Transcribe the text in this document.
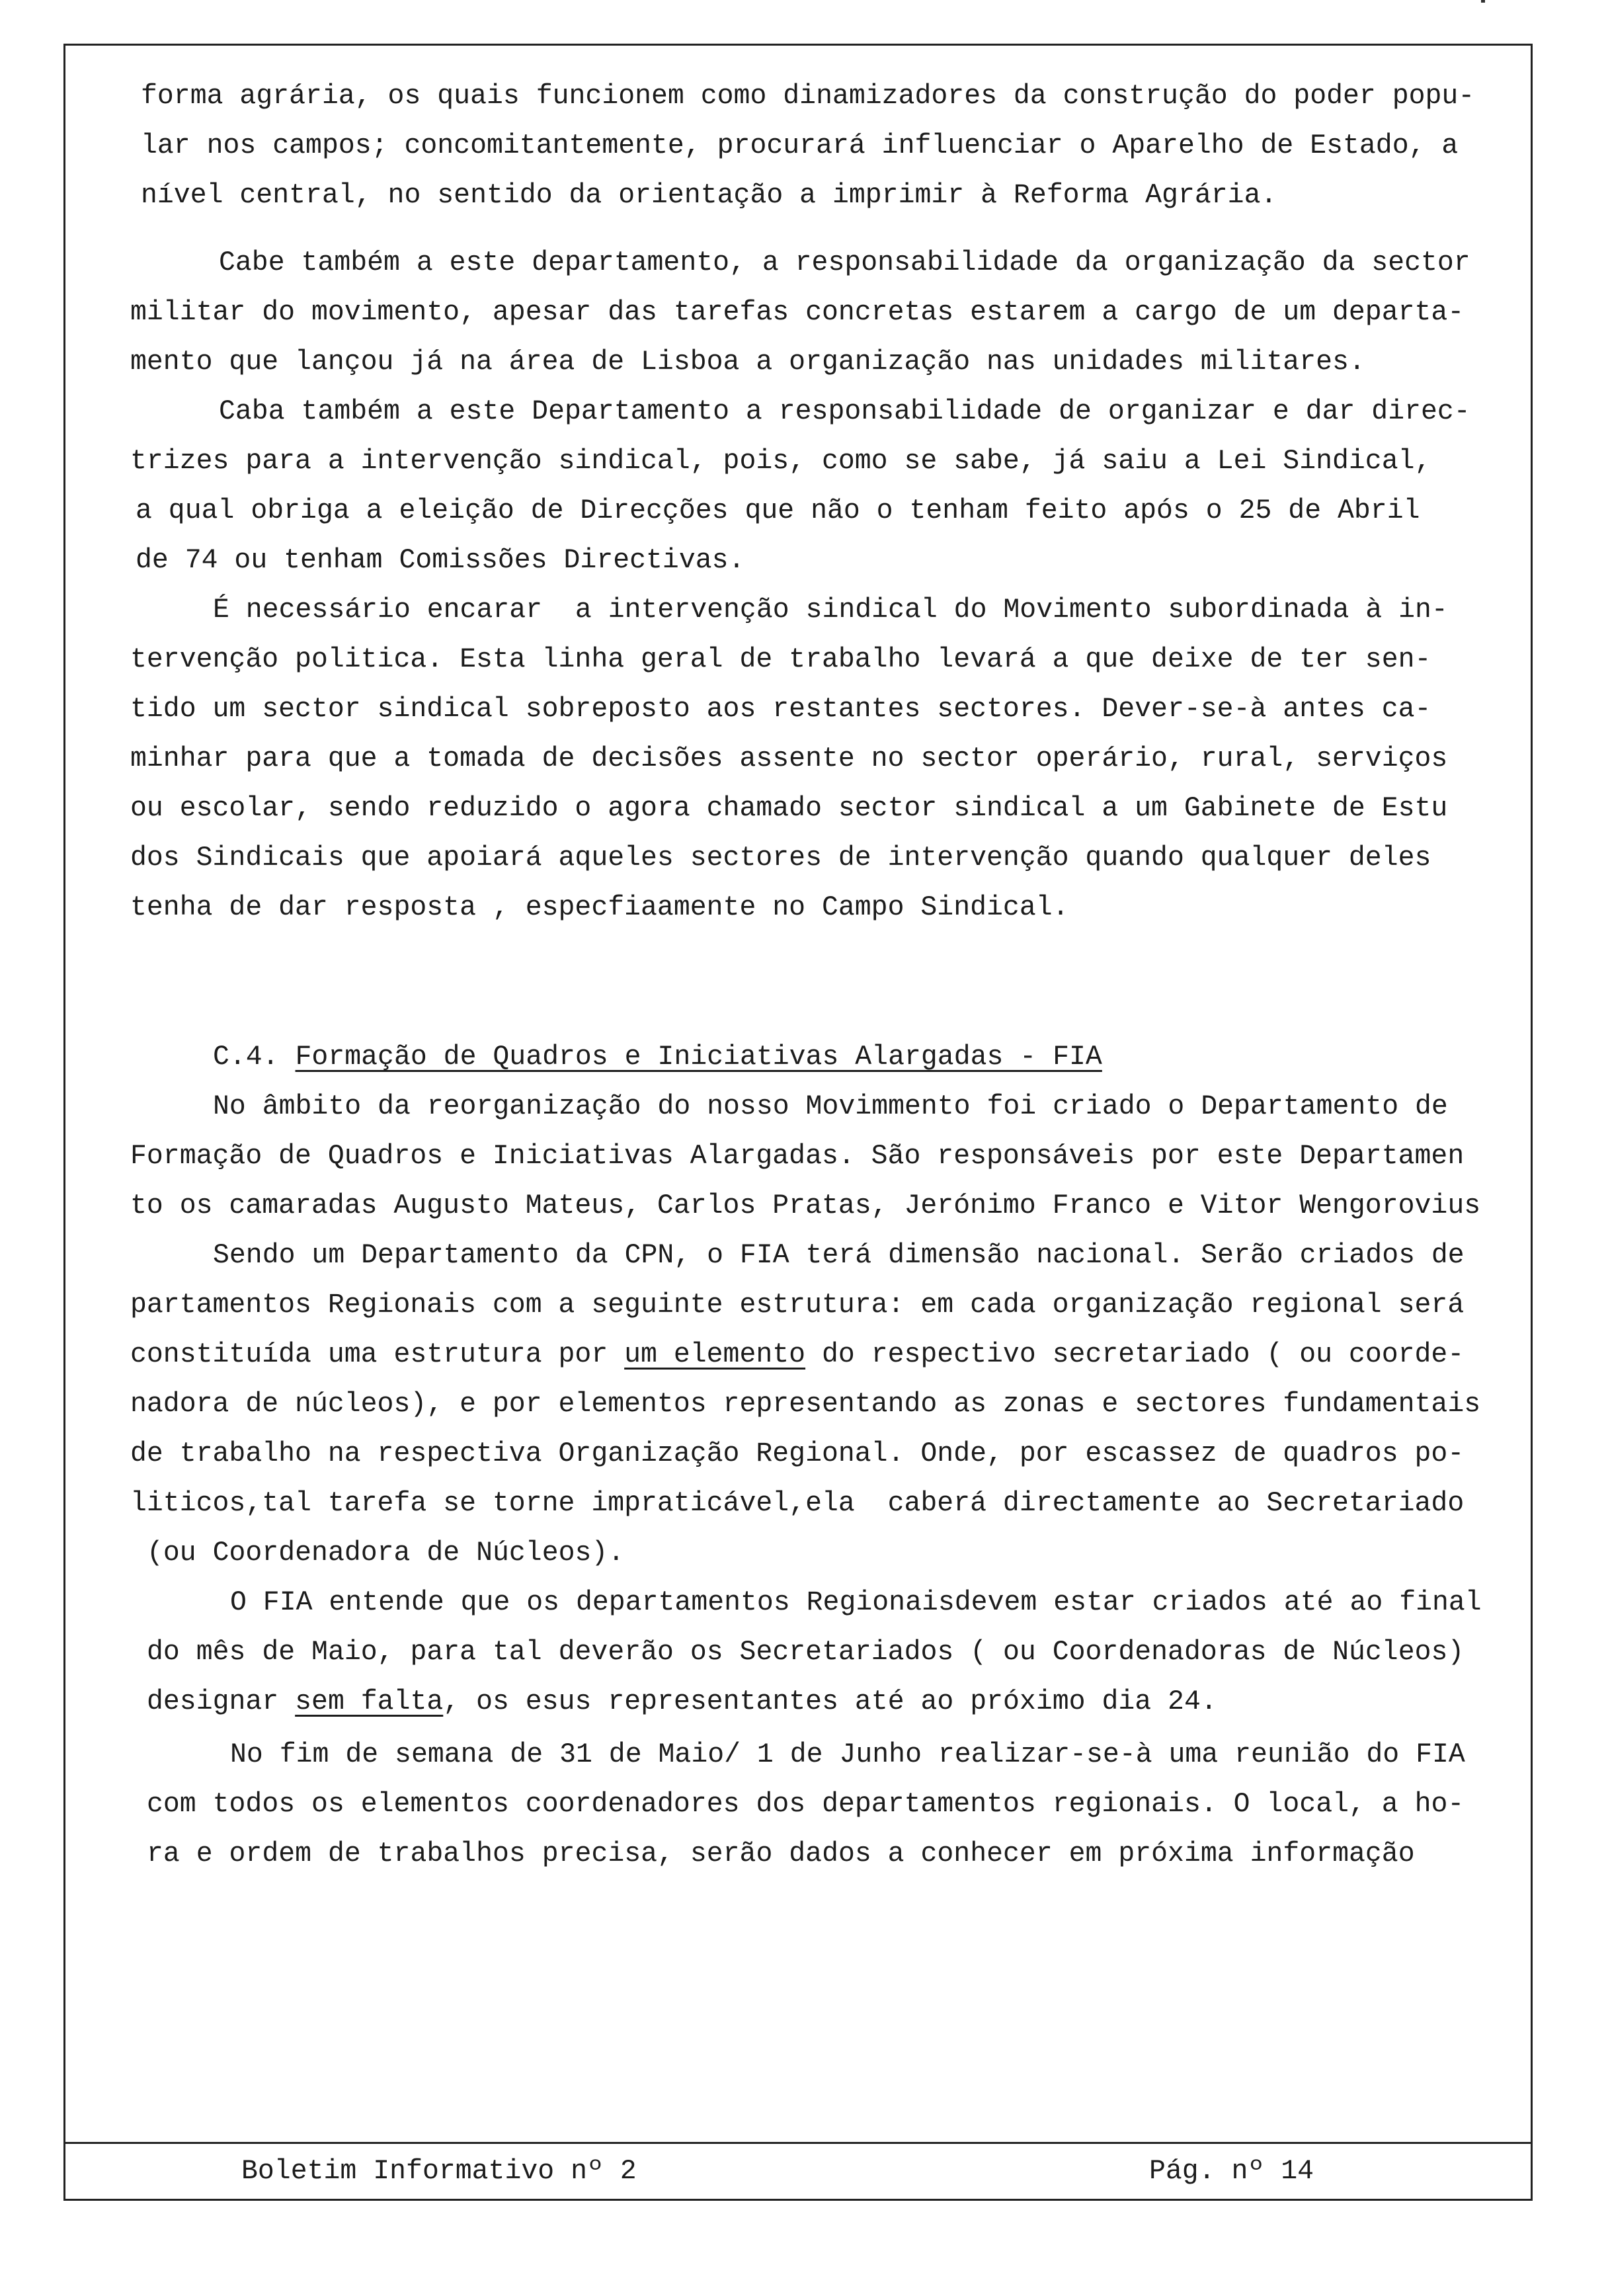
forma agrária, os quais funcionem como dinamizadores da construção do poder popu-
lar nos campos; concomitantemente, procurará influenciar o Aparelho de Estado, a
nível central, no sentido da orientação a imprimir à Reforma Agrária.
Cabe também a este departamento, a responsabilidade da organização da sector
militar do movimento, apesar das tarefas concretas estarem a cargo de um departa-
mento que lançou já na área de Lisboa a organização nas unidades militares.
Caba também a este Departamento a responsabilidade de organizar e dar direc-
trizes para a intervenção sindical, pois, como se sabe, já saiu a Lei Sindical,
a qual obriga a eleição de Direcções que não o tenham feito após o 25 de Abril
de 74 ou tenham Comissões Directivas.
É necessário encarar  a intervenção sindical do Movimento subordinada à in-
tervenção politica. Esta linha geral de trabalho levará a que deixe de ter sen-
tido um sector sindical sobreposto aos restantes sectores. Dever-se-à antes ca-
minhar para que a tomada de decisões assente no sector operário, rural, serviços
ou escolar, sendo reduzido o agora chamado sector sindical a um Gabinete de Estu
dos Sindicais que apoiará aqueles sectores de intervenção quando qualquer deles
tenha de dar resposta , especfiaamente no Campo Sindical.
C.4. Formação de Quadros e Iniciativas Alargadas - FIA
No âmbito da reorganização do nosso Movimmento foi criado o Departamento de
Formação de Quadros e Iniciativas Alargadas. São responsáveis por este Departamen
to os camaradas Augusto Mateus, Carlos Pratas, Jerónimo Franco e Vitor Wengorovius
Sendo um Departamento da CPN, o FIA terá dimensão nacional. Serão criados de
partamentos Regionais com a seguinte estrutura: em cada organização regional será
constituída uma estrutura por um elemento do respectivo secretariado ( ou coorde-
nadora de núcleos), e por elementos representando as zonas e sectores fundamentais
de trabalho na respectiva Organização Regional. Onde, por escassez de quadros po-
liticos,tal tarefa se torne impraticável,ela  caberá directamente ao Secretariado
(ou Coordenadora de Núcleos).
O FIA entende que os departamentos Regionaisdevem estar criados até ao final
do mês de Maio, para tal deverão os Secretariados ( ou Coordenadoras de Núcleos)
designar sem falta, os esus representantes até ao próximo dia 24.
No fim de semana de 31 de Maio/ 1 de Junho realizar-se-à uma reunião do FIA
com todos os elementos coordenadores dos departamentos regionais. O local, a ho-
ra e ordem de trabalhos precisa, serão dados a conhecer em próxima informação
Boletim Informativo nº 2	Pág. nº 14
